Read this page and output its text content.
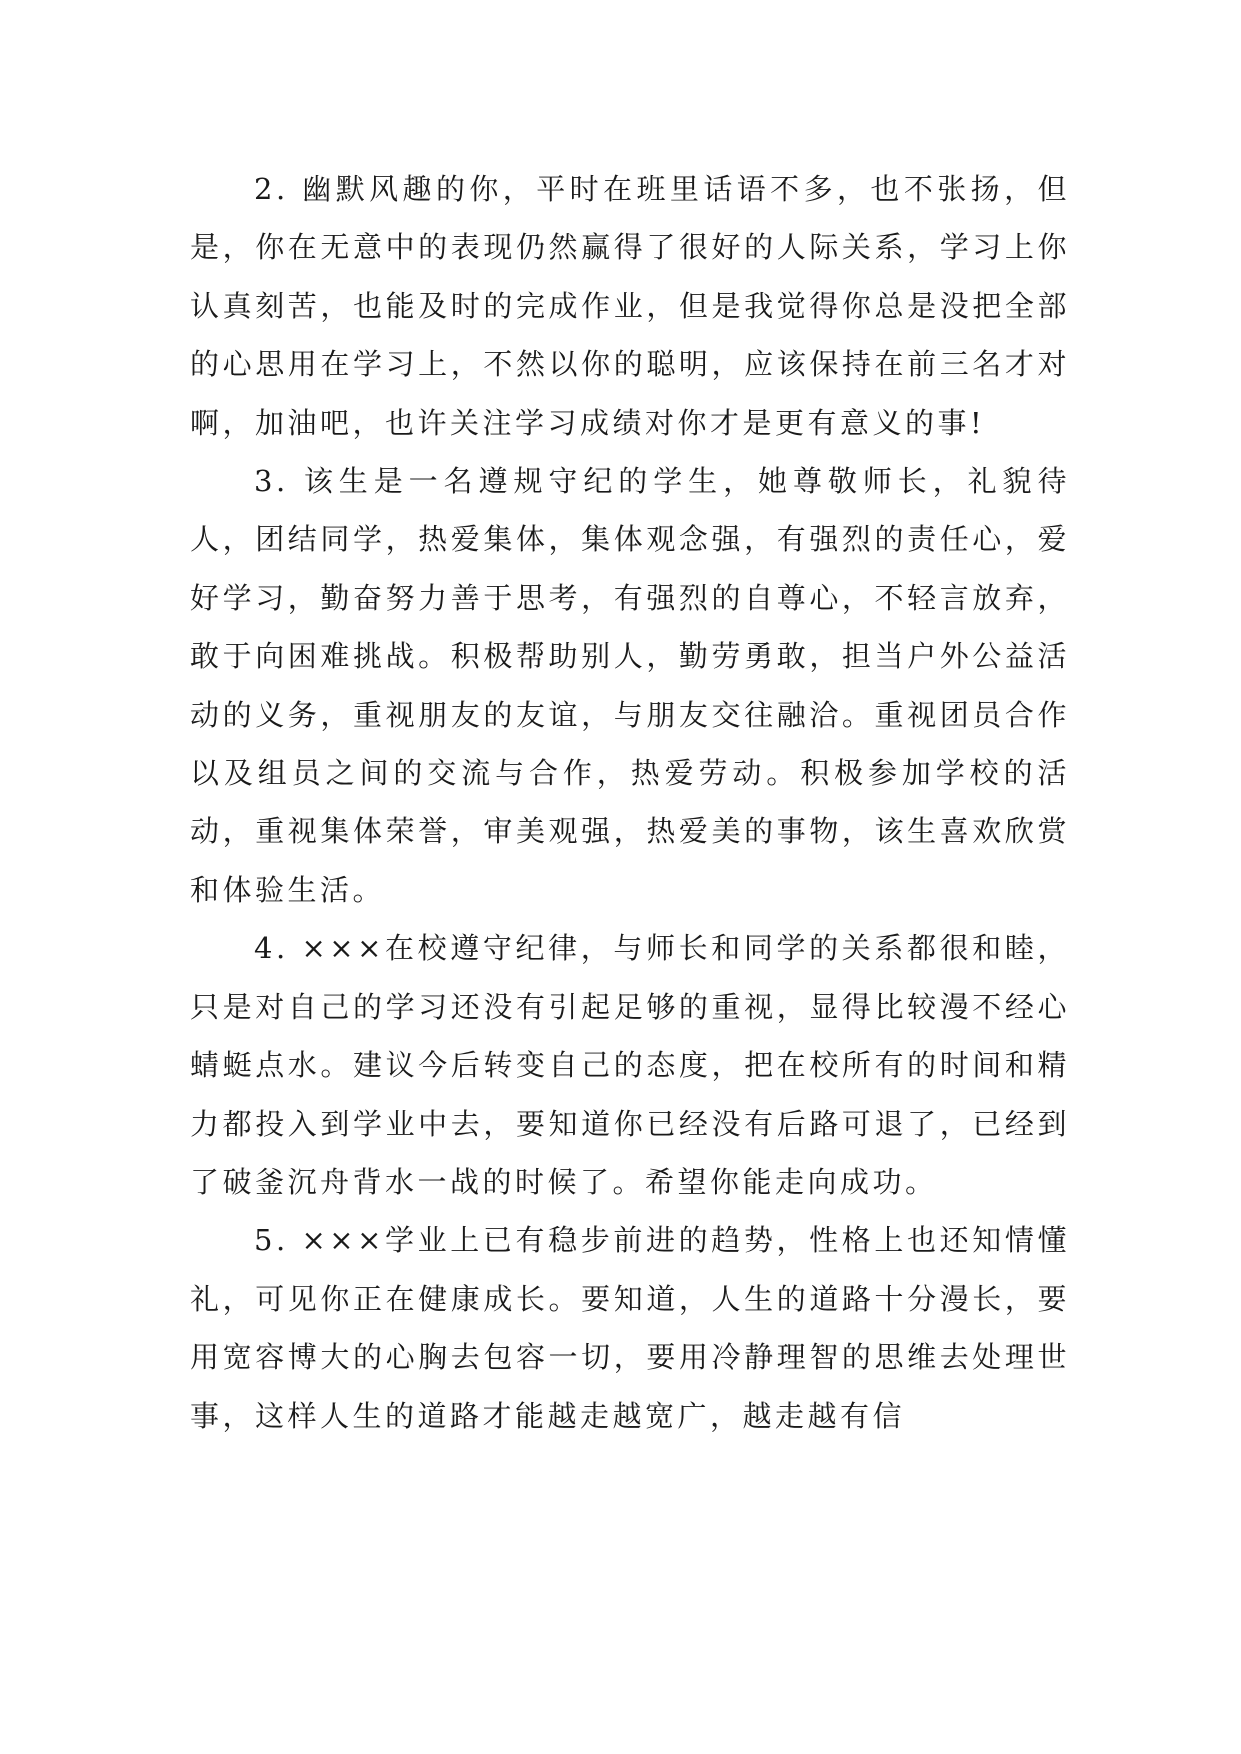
2. 幽默风趣的你，平时在班里话语不多，也不张扬，但是，你在无意中的表现仍然赢得了很好的人际关系，学习上你认真刻苦，也能及时的完成作业，但是我觉得你总是没把全部的心思用在学习上，不然以你的聪明，应该保持在前三名才对啊，加油吧，也许关注学习成绩对你才是更有意义的事!

3. 该生是一名遵规守纪的学生，她尊敬师长，礼貌待人，团结同学，热爱集体，集体观念强，有强烈的责任心，爱好学习，勤奋努力善于思考，有强烈的自尊心，不轻言放弃，敢于向困难挑战。积极帮助别人，勤劳勇敢，担当户外公益活动的义务，重视朋友的友谊，与朋友交往融洽。重视团员合作以及组员之间的交流与合作，热爱劳动。积极参加学校的活动，重视集体荣誉，审美观强，热爱美的事物，该生喜欢欣赏和体验生活。

4. ×××在校遵守纪律，与师长和同学的关系都很和睦，只是对自己的学习还没有引起足够的重视，显得比较漫不经心蜻蜓点水。建议今后转变自己的态度，把在校所有的时间和精力都投入到学业中去，要知道你已经没有后路可退了，已经到了破釜沉舟背水一战的时候了。希望你能走向成功。

5. ×××学业上已有稳步前进的趋势，性格上也还知情懂礼，可见你正在健康成长。要知道，人生的道路十分漫长，要用宽容博大的心胸去包容一切，要用冷静理智的思维去处理世事，这样人生的道路才能越走越宽广，越走越有信
